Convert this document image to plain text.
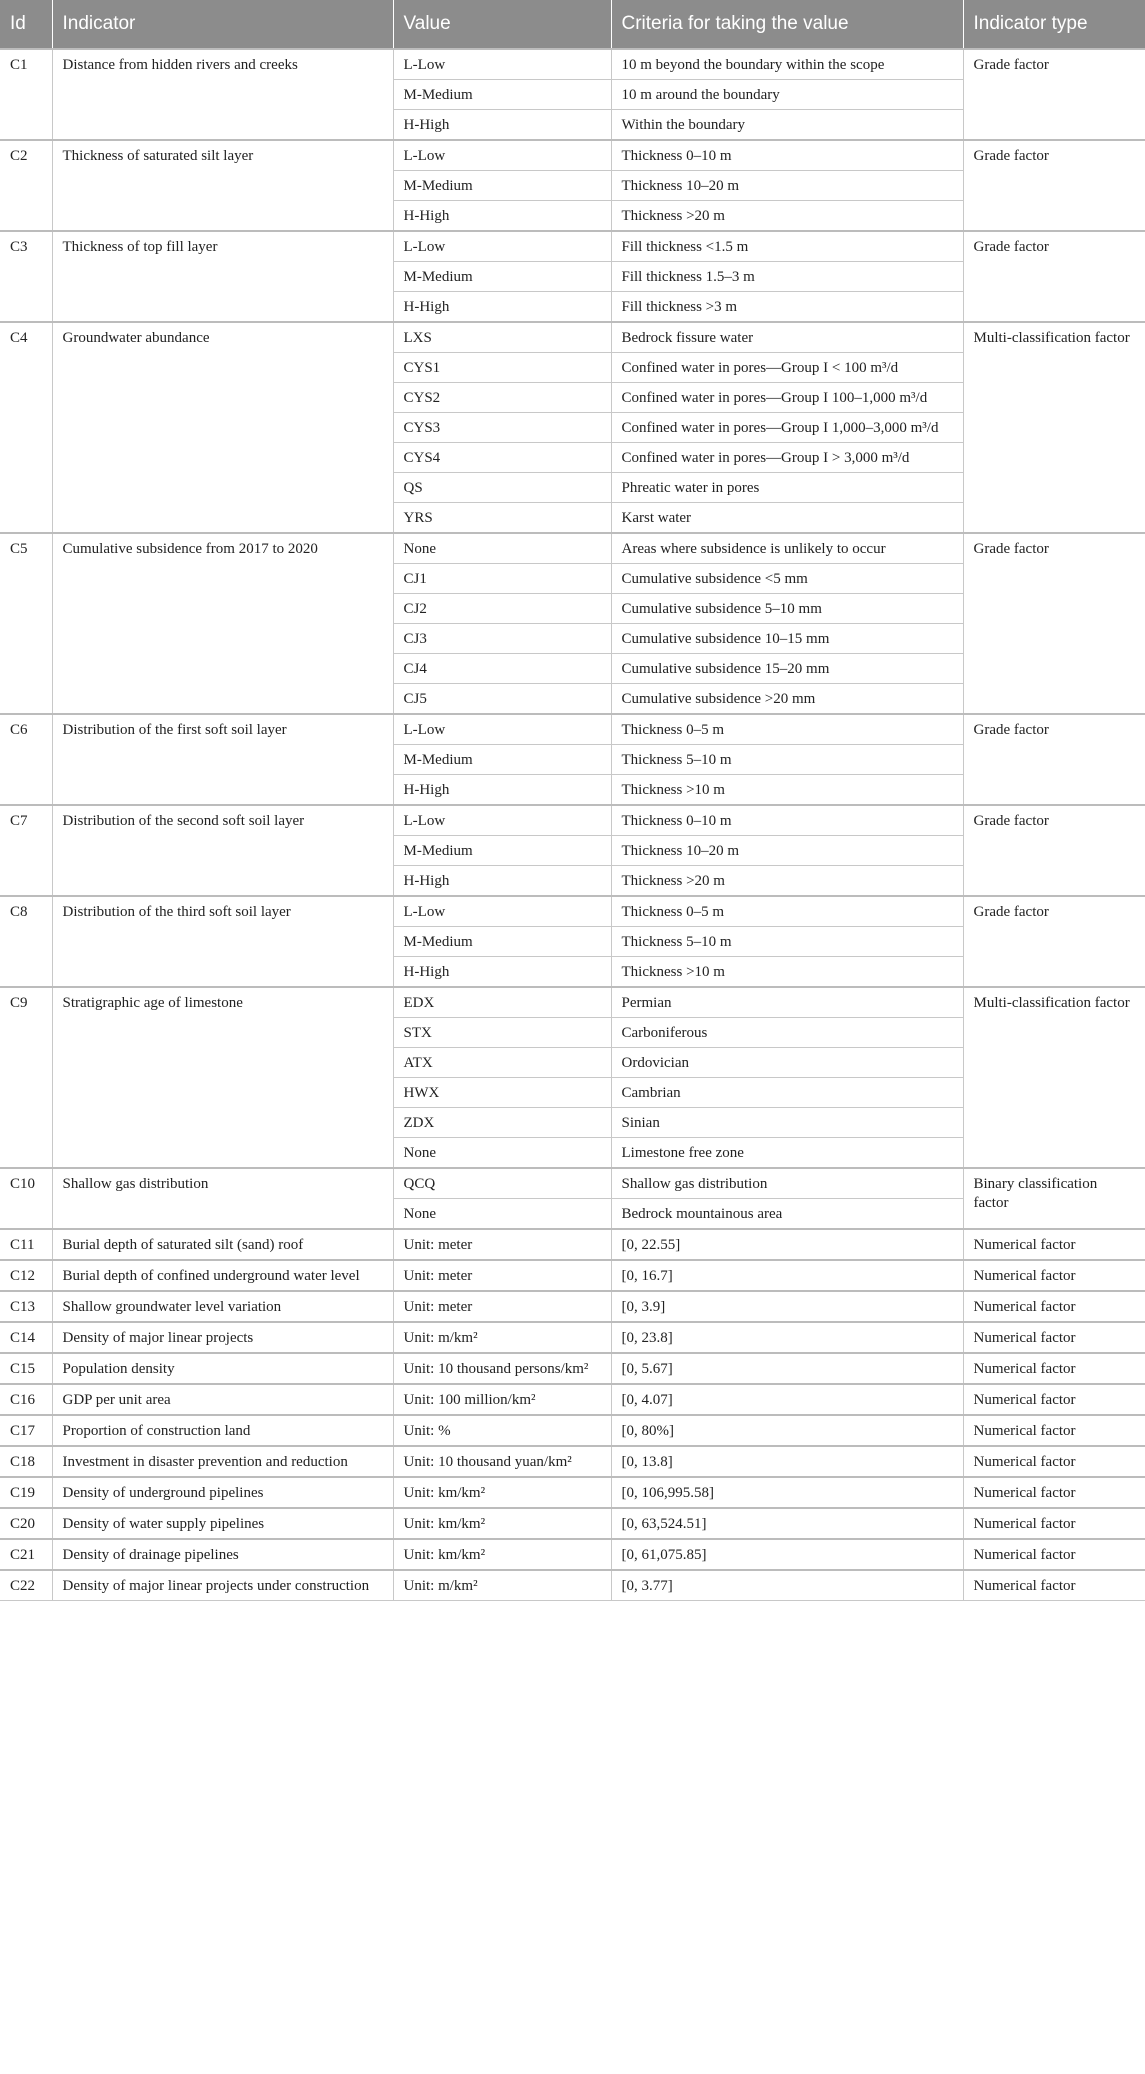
Id	Indicator	Value	Criteria for taking the value	Indicator type
C1	Distance from hidden rivers and creeks	L-Low	10 m beyond the boundary within the scope	Grade factor
		M-Medium	10 m around the boundary	
		H-High	Within the boundary	
C2	Thickness of saturated silt layer	L-Low	Thickness 0–10 m	Grade factor
		M-Medium	Thickness 10–20 m	
		H-High	Thickness >20 m	
C3	Thickness of top fill layer	L-Low	Fill thickness <1.5 m	Grade factor
		M-Medium	Fill thickness 1.5–3 m	
		H-High	Fill thickness >3 m	
C4	Groundwater abundance	LXS	Bedrock fissure water	Multi-classification factor
		CYS1	Confined water in pores—Group I < 100 m³/d	
		CYS2	Confined water in pores—Group I 100–1,000 m³/d	
		CYS3	Confined water in pores—Group I 1,000–3,000 m³/d	
		CYS4	Confined water in pores—Group I > 3,000 m³/d	
		QS	Phreatic water in pores	
		YRS	Karst water	
C5	Cumulative subsidence from 2017 to 2020	None	Areas where subsidence is unlikely to occur	Grade factor
		CJ1	Cumulative subsidence <5 mm	
		CJ2	Cumulative subsidence 5–10 mm	
		CJ3	Cumulative subsidence 10–15 mm	
		CJ4	Cumulative subsidence 15–20 mm	
		CJ5	Cumulative subsidence >20 mm	
C6	Distribution of the first soft soil layer	L-Low	Thickness 0–5 m	Grade factor
		M-Medium	Thickness 5–10 m	
		H-High	Thickness >10 m	
C7	Distribution of the second soft soil layer	L-Low	Thickness 0–10 m	Grade factor
		M-Medium	Thickness 10–20 m	
		H-High	Thickness >20 m	
C8	Distribution of the third soft soil layer	L-Low	Thickness 0–5 m	Grade factor
		M-Medium	Thickness 5–10 m	
		H-High	Thickness >10 m	
C9	Stratigraphic age of limestone	EDX	Permian	Multi-classification factor
		STX	Carboniferous	
		ATX	Ordovician	
		HWX	Cambrian	
		ZDX	Sinian	
		None	Limestone free zone	
C10	Shallow gas distribution	QCQ	Shallow gas distribution	Binary classification factor
		None	Bedrock mountainous area	
C11	Burial depth of saturated silt (sand) roof	Unit: meter	[0, 22.55]	Numerical factor
C12	Burial depth of confined underground water level	Unit: meter	[0, 16.7]	Numerical factor
C13	Shallow groundwater level variation	Unit: meter	[0, 3.9]	Numerical factor
C14	Density of major linear projects	Unit: m/km²	[0, 23.8]	Numerical factor
C15	Population density	Unit: 10 thousand persons/km²	[0, 5.67]	Numerical factor
C16	GDP per unit area	Unit: 100 million/km²	[0, 4.07]	Numerical factor
C17	Proportion of construction land	Unit: %	[0, 80%]	Numerical factor
C18	Investment in disaster prevention and reduction	Unit: 10 thousand yuan/km²	[0, 13.8]	Numerical factor
C19	Density of underground pipelines	Unit: km/km²	[0, 106,995.58]	Numerical factor
C20	Density of water supply pipelines	Unit: km/km²	[0, 63,524.51]	Numerical factor
C21	Density of drainage pipelines	Unit: km/km²	[0, 61,075.85]	Numerical factor
C22	Density of major linear projects under construction	Unit: m/km²	[0, 3.77]	Numerical factor
